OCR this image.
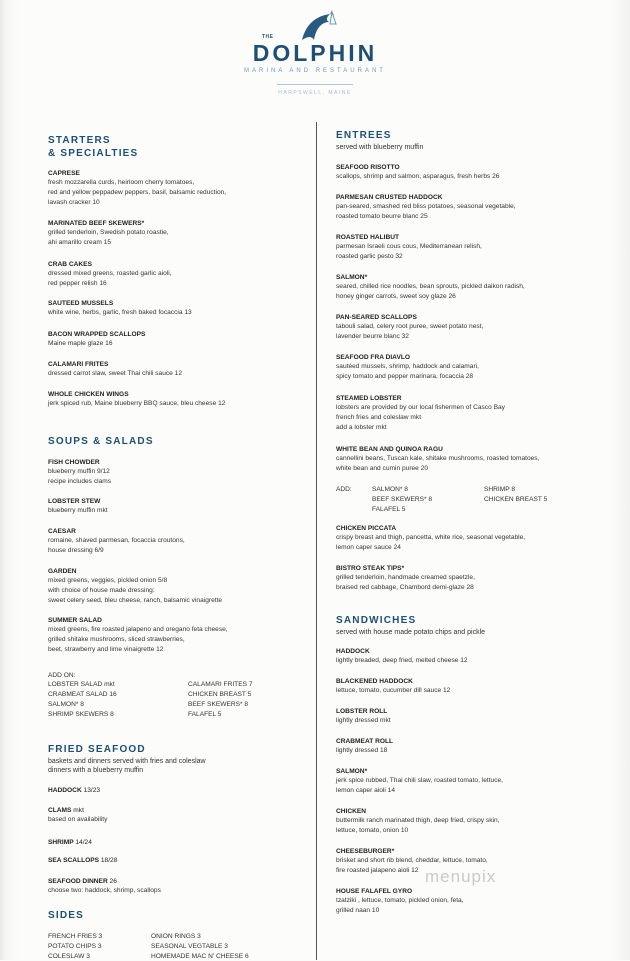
THE
DOLPHIN
MARINA AND RESTAURANT
HARPSWELL, MAINE
STARTERS
& SPECIALTIES
CAPRESE
fresh mozzarella curds, heirloom cherry tomatoes,
red and yellow peppadew peppers, basil, balsamic reduction,
lavash cracker 10
MARINATED BEEF SKEWERS*
grilled tenderloin, Swedish potato roastie,
ahi amarillo cream 15
CRAB CAKES
dressed mixed greens, roasted garlic aioli,
red pepper relish 16
SAUTEED MUSSELS
white wine, herbs, garlic, fresh baked focaccia 13
BACON WRAPPED SCALLOPS
Maine maple glaze 16
CALAMARI FRITES
dressed carrot slaw, sweet Thai chili sauce 12
WHOLE CHICKEN WINGS
jerk spiced rub, Maine blueberry BBQ sauce, bleu cheese 12
SOUPS & SALADS
FISH CHOWDER
blueberry muffin 9/12
recipe includes clams
LOBSTER STEW
blueberry muffin mkt
CAESAR
romaine, shaved parmesan, focaccia croutons,
house dressing 6/9
GARDEN
mixed greens, veggies, pickled onion 5/8
with choice of house made dressing:
sweet celery seed, bleu cheese, ranch, balsamic vinaigrette
SUMMER SALAD
mixed greens, fire roasted jalapeno and oregano feta cheese,
grilled shitake mushrooms, sliced strawberries,
beet, strawberry and lime vinaigrette 12
ADD ON:
LOBSTER SALAD mkt
CRABMEAT SALAD 16
SALMON* 8
SHRIMP SKEWERS 8
CALAMARI FRITES 7
CHICKEN BREAST 5
BEEF SKEWERS* 8
FALAFEL 5
FRIED SEAFOOD
baskets and dinners served with fries and coleslaw
dinners with a blueberry muffin
HADDOCK 13/23
CLAMS mkt
based on availability
SHRIMP 14/24
SEA SCALLOPS 18/28
SEAFOOD DINNER 26
choose two: haddock, shrimp, scallops
SIDES
FRENCH FRIES 3
POTATO CHIPS 3
COLESLAW 3
ONION RINGS 3
SEASONAL VEGTABLE 3
HOMEMADE MAC N' CHEESE 6
ENTREES
served with blueberry muffin
SEAFOOD RISOTTO
scallops, shrimp and salmon, asparagus, fresh herbs 26
PARMESAN CRUSTED HADDOCK
pan-seared, smashed red bliss potatoes, seasonal vegetable,
roasted tomato beurre blanc 25
ROASTED HALIBUT
parmesan Israeli cous cous, Mediterranean relish,
roasted garlic pesto 32
SALMON*
seared, chilled rice noodles, bean sprouts, pickled daikon radish,
honey ginger carrots, sweet soy glaze 26
PAN-SEARED SCALLOPS
tabouli salad, celery root puree, sweet potato nest,
lavender beurre blanc 32
SEAFOOD FRA DIAVLO
sautéed mussels, shrimp, haddock and calamari,
spicy tomato and pepper marinara, focaccia 28
STEAMED LOBSTER
lobsters are provided by our local fishermen of Casco Bay
french fries and coleslaw mkt
add a lobster mkt
WHITE BEAN AND QUINOA RAGU
cannellini beans, Tuscan kale, shitake mushrooms, roasted tomatoes,
white bean and cumin puree 20
ADD:	SALMON* 8
BEEF SKEWERS* 8
FALAFEL 5
SHRIMP 8
CHICKEN BREAST 5
CHICKEN PICCATA
crispy breast and thigh, pancetta, white rice, seasonal vegetable,
lemon caper sauce 24
BISTRO STEAK TIPS*
grilled tenderloin, handmade creamed spaetzle,
braised red cabbage, Chambord demi-glaze 28
SANDWICHES
served with house made potato chips and pickle
HADDOCK
lightly breaded, deep fried, melted cheese 12
BLACKENED HADDOCK
lettuce, tomato, cucumber dill sauce 12
LOBSTER ROLL
lightly dressed mkt
CRABMEAT ROLL
lightly dressed 18
SALMON*
jerk spice rubbed, Thai chili slaw, roasted tomato, lettuce,
lemon caper aioli 14
CHICKEN
buttermilk ranch marinated thigh, deep fried, crispy skin,
lettuce, tomato, onion 10
CHEESEBURGER*
brisket and short rib blend, cheddar, lettuce, tomato,
fire roasted jalapeno aioli 12
HOUSE FALAFEL GYRO
tzatziki , lettuce, tomato, pickled onion, feta,
grilled naan 10
menupix
